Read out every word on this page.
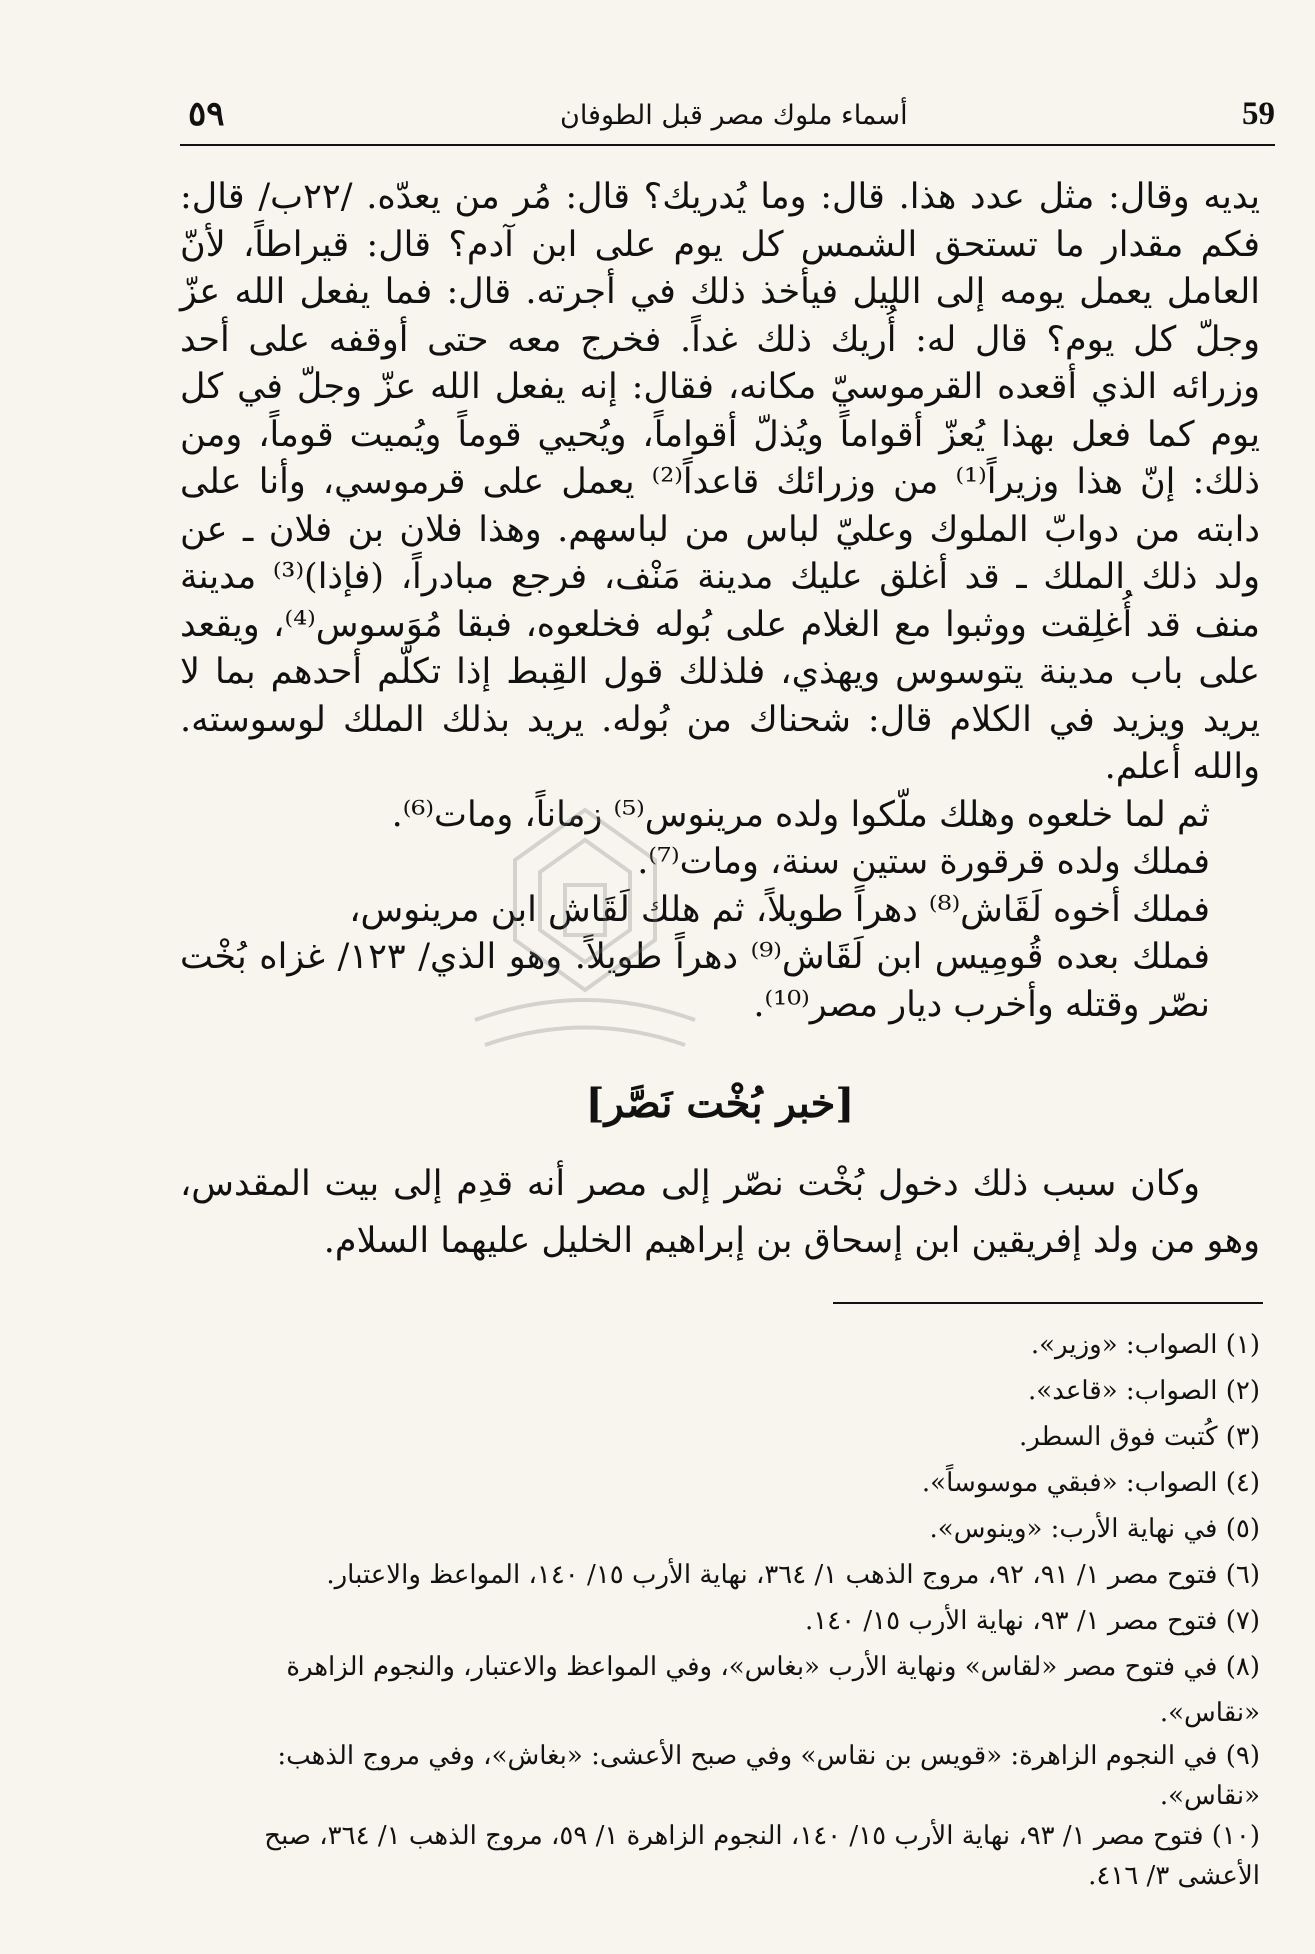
٥٩	أسماء ملوك مصر قبل الطوفان	59

يديه وقال: مثل عدد هذا. قال: وما يُدريك؟ قال: مُر من يعدّه. /٢٢ب/ قال: فكم مقدار ما تستحق الشمس كل يوم على ابن آدم؟ قال: قيراطاً، لأنّ العامل يعمل يومه إلى الليل فيأخذ ذلك في أجرته. قال: فما يفعل الله عزّ وجلّ كل يوم؟ قال له: أُريك ذلك غداً. فخرج معه حتى أوقفه على أحد وزرائه الذي أقعده القرموسيّ مكانه، فقال: إنه يفعل الله عزّ وجلّ في كل يوم كما فعل بهذا يُعزّ أقواماً ويُذلّ أقواماً، ويُحيي قوماً ويُميت قوماً، ومن ذلك: إنّ هذا وزيراً⁽¹⁾ من وزرائك قاعداً⁽²⁾ يعمل على قرموسي، وأنا على دابته من دوابّ الملوك وعليّ لباس من لباسهم. وهذا فلان بن فلان ـ عن ولد ذلك الملك ـ قد أغلق عليك مدينة مَنْف، فرجع مبادراً، (فإذا)⁽³⁾ مدينة منف قد أُغلِقت ووثبوا مع الغلام على بُوله فخلعوه، فبقا مُوَسوس⁽⁴⁾، ويقعد على باب مدينة يتوسوس ويهذي، فلذلك قول القِبط إذا تكلّم أحدهم بما لا يريد ويزيد في الكلام قال: شحناك من بُوله. يريد بذلك الملك لوسوسته. والله أعلم.

ثم لما خلعوه وهلك ملّكوا ولده مرينوس⁽⁵⁾ زماناً، ومات⁽⁶⁾.

فملك ولده قرقورة ستين سنة، ومات⁽⁷⁾.

فملك أخوه لَقَاش⁽⁸⁾ دهراً طويلاً، ثم هلك لَقَاش ابن مرينوس،

فملك بعده قُومِيس ابن لَقَاش⁽⁹⁾ دهراً طويلاً. وهو الذي/ ١٢٣/ غزاه بُخْت نصّر وقتله وأخرب ديار مصر⁽¹⁰⁾.

[خبر بُخْت نَصَّر]

وكان سبب ذلك دخول بُخْت نصّر إلى مصر أنه قدِم إلى بيت المقدس، وهو من ولد إفريقين ابن إسحاق بن إبراهيم الخليل عليهما السلام.

(١) الصواب: «وزير».

(٢) الصواب: «قاعد».

(٣) كُتبت فوق السطر.

(٤) الصواب: «فبقي موسوساً».

(٥) في نهاية الأرب: «وينوس».

(٦) فتوح مصر ١/ ٩١، ٩٢، مروج الذهب ١/ ٣٦٤، نهاية الأرب ١٥/ ١٤٠، المواعظ والاعتبار.

(٧) فتوح مصر ١/ ٩٣، نهاية الأرب ١٥/ ١٤٠.

(٨) في فتوح مصر «لقاس» ونهاية الأرب «بغاس»، وفي المواعظ والاعتبار، والنجوم الزاهرة «نقاس».

(٩) في النجوم الزاهرة: «قويس بن نقاس» وفي صبح الأعشى: «بغاش»، وفي مروج الذهب: «نقاس».

(١٠) فتوح مصر ١/ ٩٣، نهاية الأرب ١٥/ ١٤٠، النجوم الزاهرة ١/ ٥٩، مروج الذهب ١/ ٣٦٤، صبح الأعشى ٣/ ٤١٦.
